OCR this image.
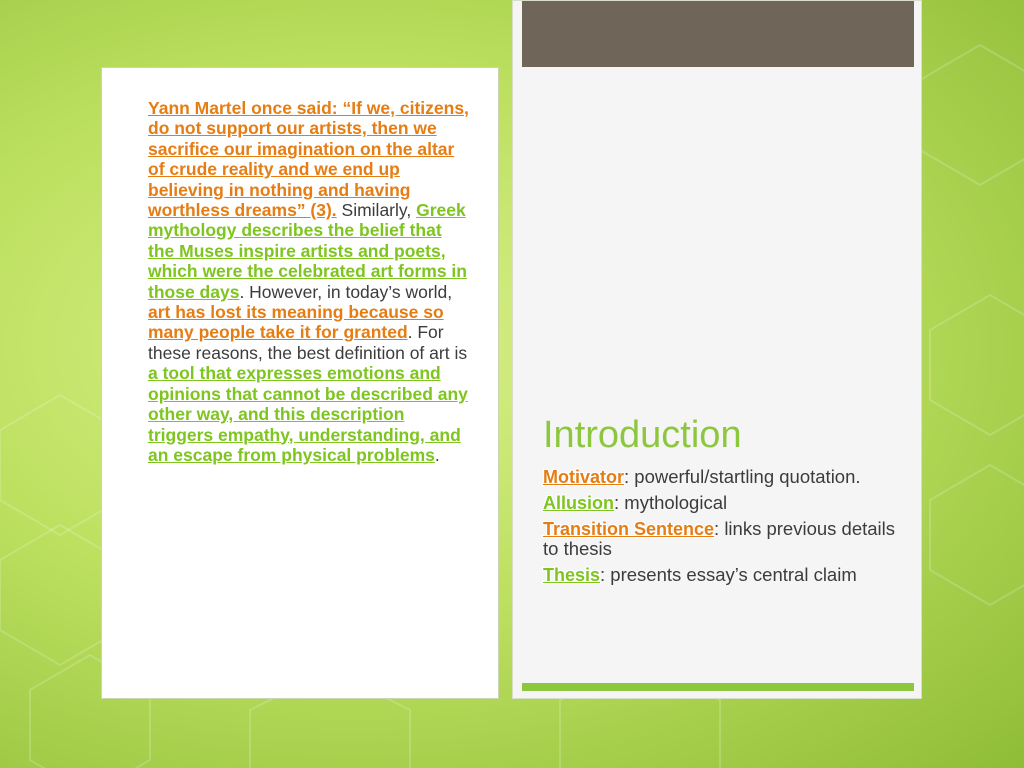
Yann Martel once said: “If we, citizens, do not support our artists, then we sacrifice our imagination on the altar of crude reality and we end up believing in nothing and having worthless dreams” (3). Similarly, Greek mythology describes the belief that the Muses inspire artists and poets, which were the celebrated art forms in those days. However, in today’s world, art has lost its meaning because so many people take it for granted. For these reasons, the best definition of art is a tool that expresses emotions and opinions that cannot be described any other way, and this description triggers empathy, understanding, and an escape from physical problems.	Introduction
Motivator: powerful/startling quotation.
Allusion: mythological
Transition Sentence: links previous details to thesis
Thesis: presents essay’s central claim
